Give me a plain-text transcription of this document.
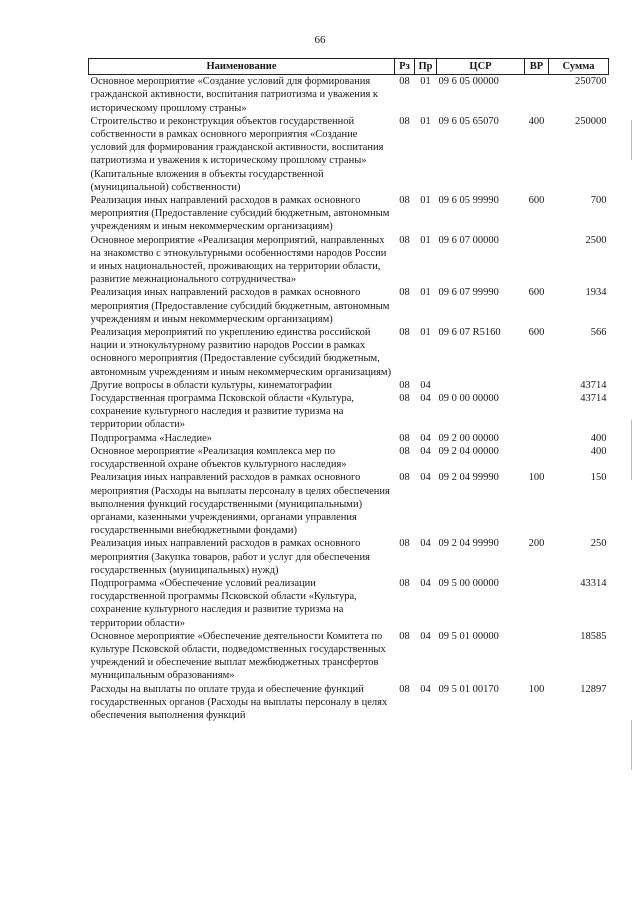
66
Наименование	Рз	Пр	ЦСР	ВР	Сумма
Основное мероприятие «Создание условий для формирования гражданской активности, воспитания патриотизма и уважения к историческому прошлому страны»	08	01	09 6 05 00000		250700
Строительство и реконструкция объектов государственной собственности в рамках основного мероприятия «Создание условий для формирования гражданской активности, воспитания патриотизма и уважения к историческому прошлому страны» (Капитальные вложения в объекты государственной (муниципальной) собственности)	08	01	09 6 05 65070	400	250000
Реализация иных направлений расходов в рамках основного мероприятия (Предоставление субсидий бюджетным, автономным учреждениям и иным некоммерческим организациям)	08	01	09 6 05 99990	600	700
Основное мероприятие «Реализация мероприятий, направленных на знакомство с этнокультурными особенностями народов России и иных национальностей, проживающих на территории области, развитие межнационального сотрудничества»	08	01	09 6 07 00000		2500
Реализация иных направлений расходов в рамках основного мероприятия (Предоставление субсидий бюджетным, автономным учреждениям и иным некоммерческим организациям)	08	01	09 6 07 99990	600	1934
Реализация мероприятий по укреплению единства российской нации и этнокультурному развитию народов России в рамках основного мероприятия (Предоставление субсидий бюджетным, автономным учреждениям и иным некоммерческим организациям)	08	01	09 6 07 R5160	600	566
Другие вопросы в области культуры, кинематографии	08	04			43714
Государственная программа Псковской области «Культура, сохранение культурного наследия и развитие туризма на территории области»	08	04	09 0 00 00000		43714
Подпрограмма «Наследие»	08	04	09 2 00 00000		400
Основное мероприятие «Реализация комплекса мер по государственной охране объектов культурного наследия»	08	04	09 2 04 00000		400
Реализация иных направлений расходов в рамках основного мероприятия (Расходы на выплаты персоналу в целях обеспечения выполнения функций государственными (муниципальными) органами, казенными учреждениями, органами управления государственными внебюджетными фондами)	08	04	09 2 04 99990	100	150
Реализация иных направлений расходов в рамках основного мероприятия (Закупка товаров, работ и услуг для обеспечения государственных (муниципальных) нужд)	08	04	09 2 04 99990	200	250
Подпрограмма «Обеспечение условий реализации государственной программы Псковской области «Культура, сохранение культурного наследия и развитие туризма на территории области»	08	04	09 5 00 00000		43314
Основное мероприятие «Обеспечение деятельности Комитета по культуре Псковской области, подведомственных государственных учреждений и обеспечение выплат межбюджетных трансфертов муниципальным образованиям»	08	04	09 5 01 00000		18585
Расходы на выплаты по оплате труда и обеспечение функций государственных органов (Расходы на выплаты персоналу в целях обеспечения выполнения функций	08	04	09 5 01 00170	100	12897
